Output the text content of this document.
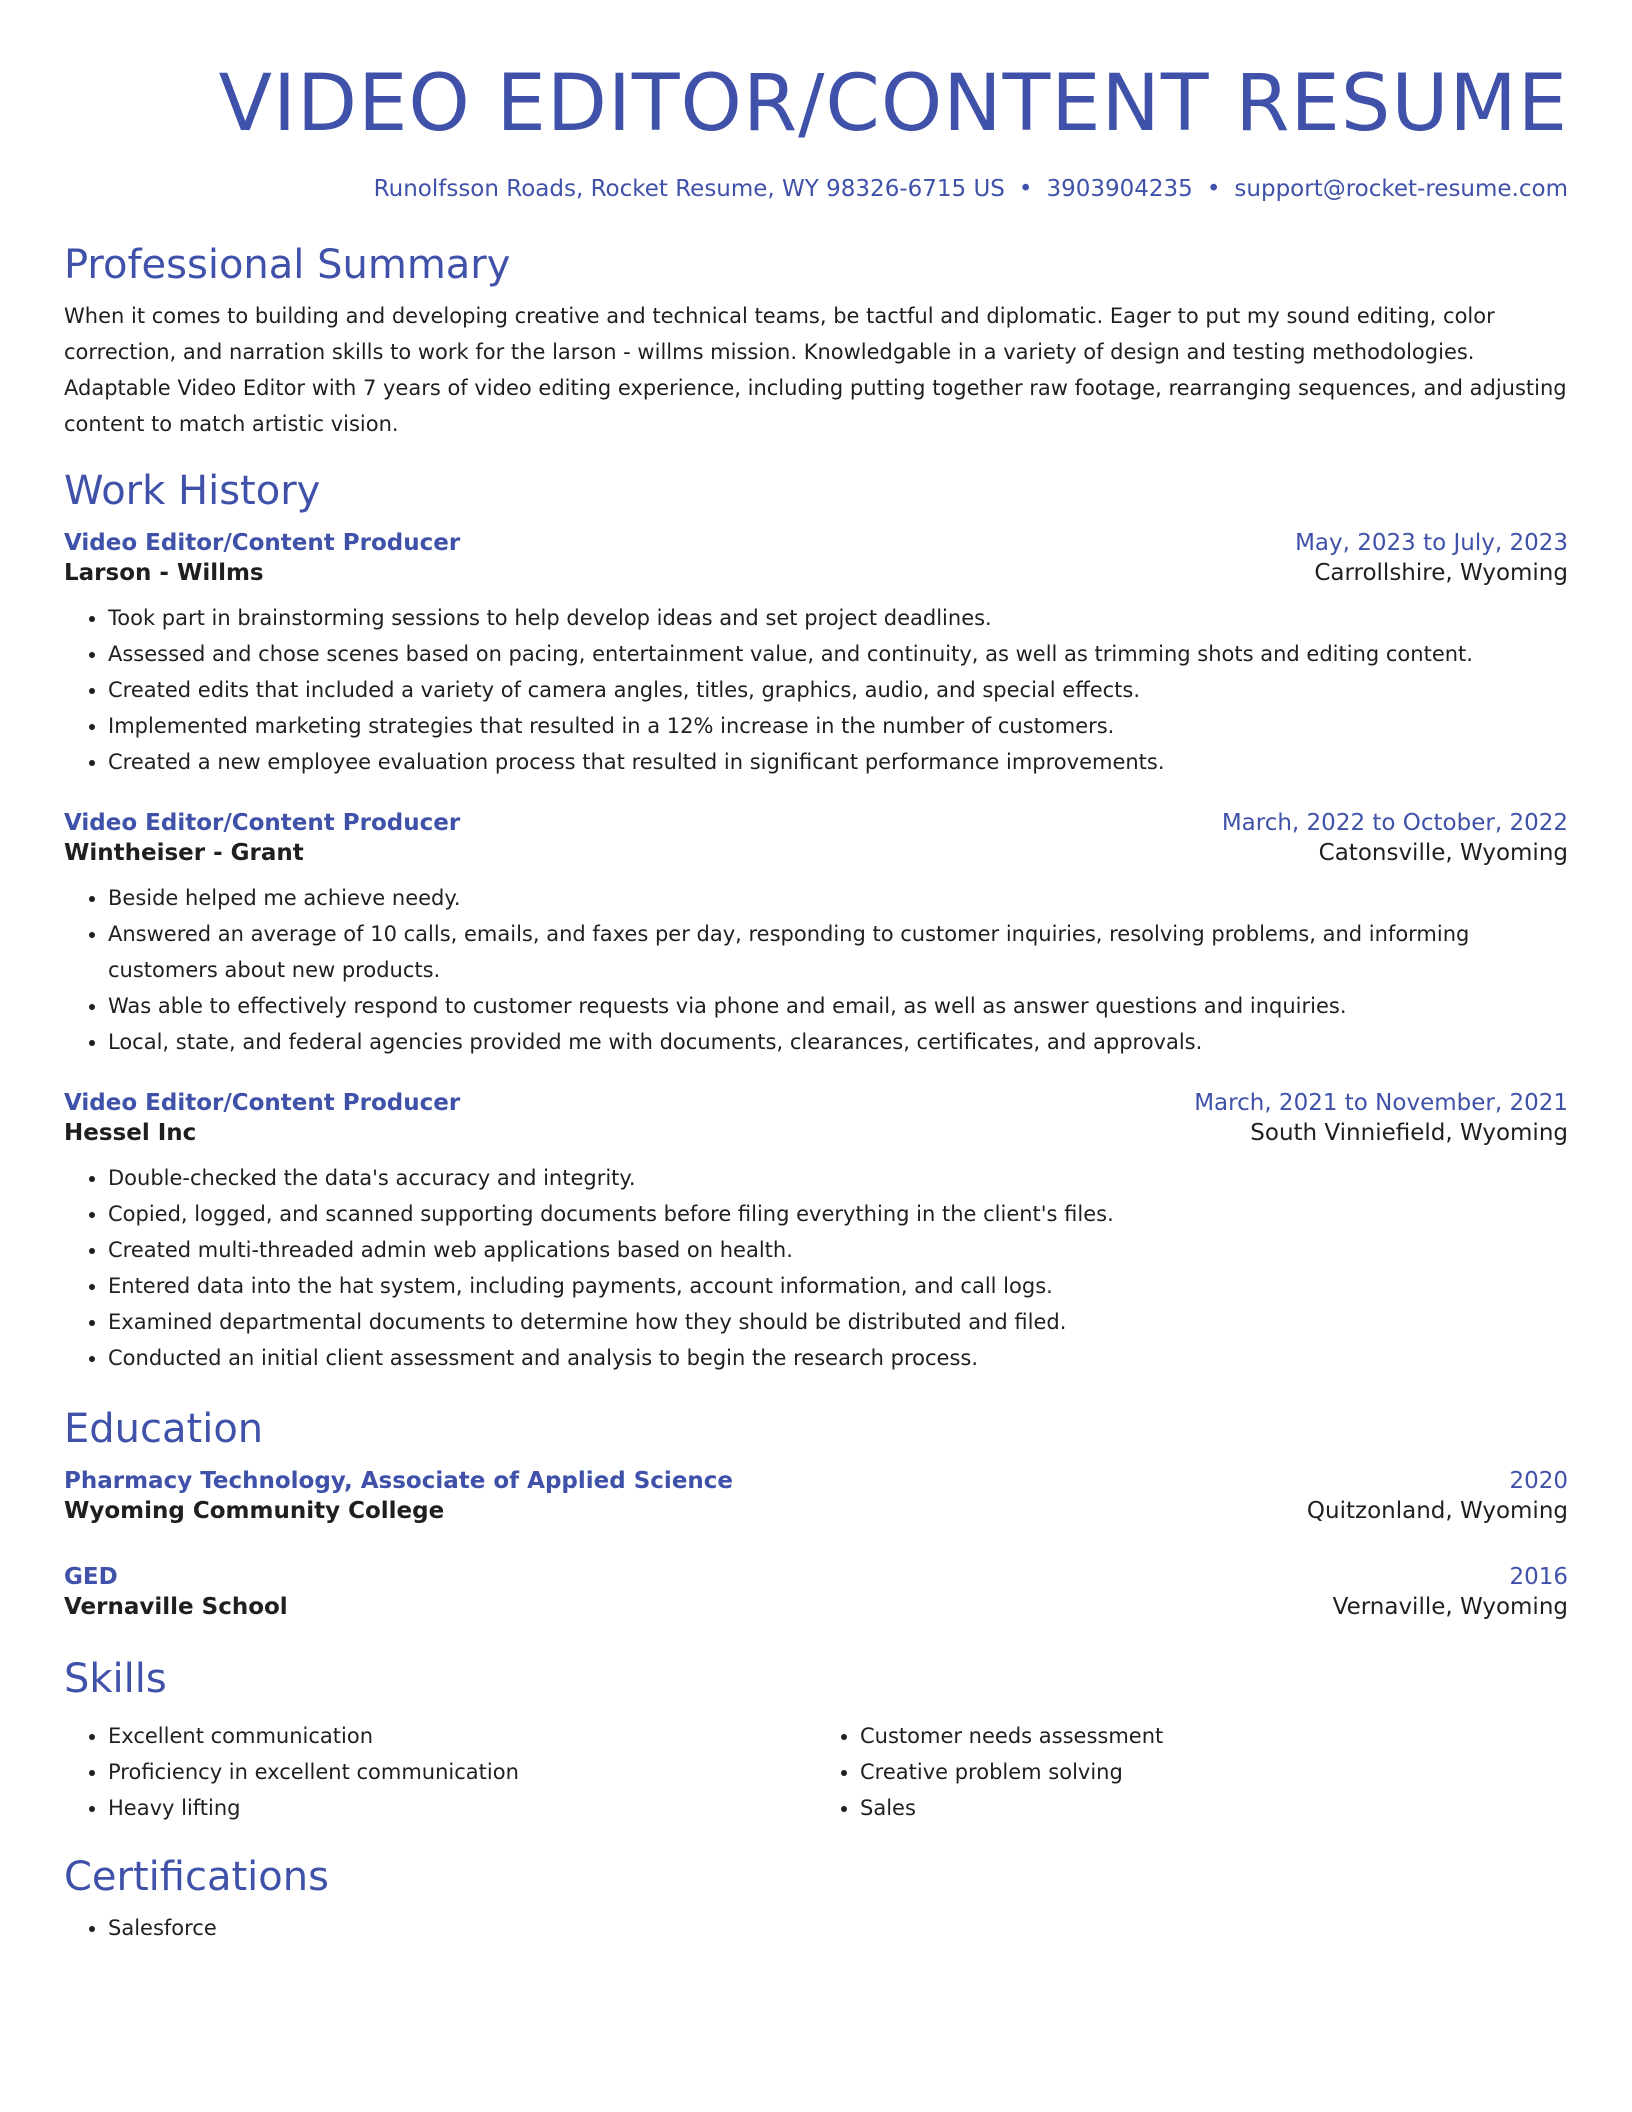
VIDEO EDITOR/CONTENT RESUME
Runolfsson Roads, Rocket Resume, WY 98326-6715 US • 3903904235 • support@rocket-resume.com
Professional Summary

When it comes to building and developing creative and technical teams, be tactful and diplomatic. Eager to put my sound editing, color correction, and narration skills to work for the larson - willms mission. Knowledgable in a variety of design and testing methodologies. Adaptable Video Editor with 7 years of video editing experience, including putting together raw footage, rearranging sequences, and adjusting content to match artistic vision.

Work History
Video Editor/Content Producer	May, 2023 to July, 2023
Larson - Willms	Carrollshire, Wyoming
• Took part in brainstorming sessions to help develop ideas and set project deadlines.
• Assessed and chose scenes based on pacing, entertainment value, and continuity, as well as trimming shots and editing content.
• Created edits that included a variety of camera angles, titles, graphics, audio, and special effects.
• Implemented marketing strategies that resulted in a 12% increase in the number of customers.
• Created a new employee evaluation process that resulted in significant performance improvements.
Video Editor/Content Producer	March, 2022 to October, 2022
Wintheiser - Grant	Catonsville, Wyoming
• Beside helped me achieve needy.
• Answered an average of 10 calls, emails, and faxes per day, responding to customer inquiries, resolving problems, and informing customers about new products.
• Was able to effectively respond to customer requests via phone and email, as well as answer questions and inquiries.
• Local, state, and federal agencies provided me with documents, clearances, certificates, and approvals.
Video Editor/Content Producer	March, 2021 to November, 2021
Hessel Inc	South Vinniefield, Wyoming
• Double-checked the data's accuracy and integrity.
• Copied, logged, and scanned supporting documents before filing everything in the client's files.
• Created multi-threaded admin web applications based on health.
• Entered data into the hat system, including payments, account information, and call logs.
• Examined departmental documents to determine how they should be distributed and filed.
• Conducted an initial client assessment and analysis to begin the research process.
Education
Pharmacy Technology, Associate of Applied Science	2020
Wyoming Community College	Quitzonland, Wyoming
GED	2016
Vernaville School	Vernaville, Wyoming
Skills
• Excellent communication
• Proficiency in excellent communication
• Heavy lifting
• Customer needs assessment
• Creative problem solving
• Sales
Certifications
• Salesforce
